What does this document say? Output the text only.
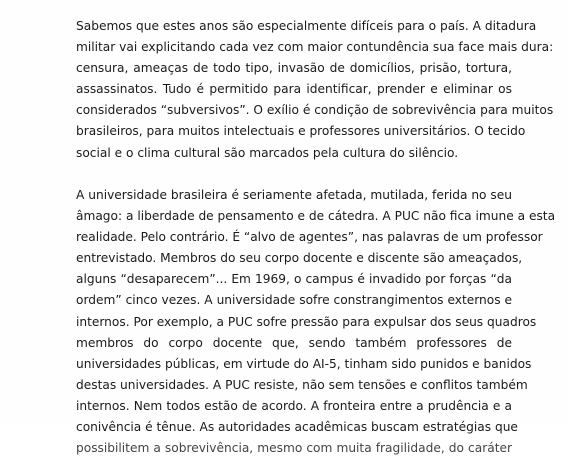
Sabemos que estes anos são especialmente difíceis para o país. A ditadura
militar vai explicitando cada vez com maior contundência sua face mais dura:
censura, ameaças de todo tipo, invasão de domicílios, prisão, tortura,
assassinatos. Tudo é permitido para identificar, prender e eliminar os
considerados “subversivos”. O exílio é condição de sobrevivência para muitos
brasileiros, para muitos intelectuais e professores universitários. O tecido
social e o clima cultural são marcados pela cultura do silêncio.
A universidade brasileira é seriamente afetada, mutilada, ferida no seu
âmago: a liberdade de pensamento e de cátedra. A PUC não fica imune a esta
realidade. Pelo contrário. É “alvo de agentes”, nas palavras de um professor
entrevistado. Membros do seu corpo docente e discente são ameaçados,
alguns “desaparecem”... Em 1969, o campus é invadido por forças “da
ordem” cinco vezes. A universidade sofre constrangimentos externos e
internos. Por exemplo, a PUC sofre pressão para expulsar dos seus quadros
membros do corpo docente que, sendo também professores de
universidades públicas, em virtude do AI-5, tinham sido punidos e banidos
destas universidades. A PUC resiste, não sem tensões e conflitos também
internos. Nem todos estão de acordo. A fronteira entre a prudência e a
conivência é tênue. As autoridades acadêmicas buscam estratégias que
possibilitem a sobrevivência, mesmo com muita fragilidade, do caráter
